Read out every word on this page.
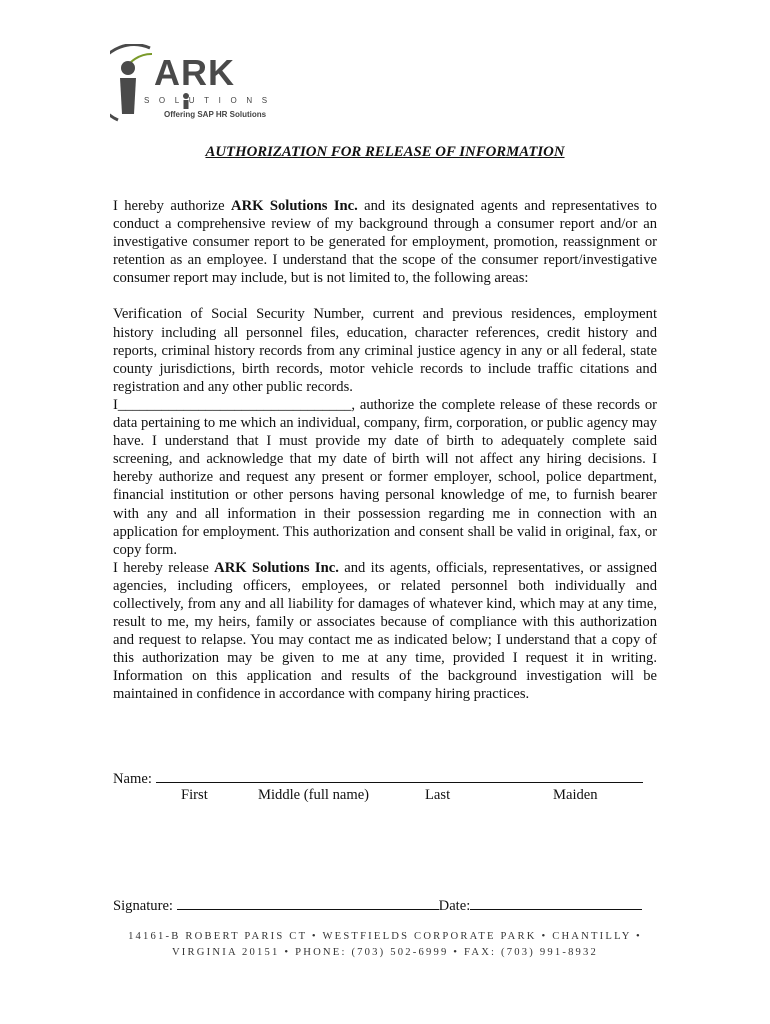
ARK
SOLUTIONS
Offering SAP HR Solutions
AUTHORIZATION FOR RELEASE OF INFORMATION

I hereby authorize ARK Solutions Inc. and its designated agents and representatives to conduct a comprehensive review of my background through a consumer report and/or an investigative consumer report to be generated for employment, promotion, reassignment or retention as an employee. I understand that the scope of the consumer report/investigative consumer report may include, but is not limited to, the following areas:

Verification of Social Security Number, current and previous residences, employment history including all personnel files, education, character references, credit history and reports, criminal history records from any criminal justice agency in any or all federal, state county jurisdictions, birth records, motor vehicle records to include traffic citations and registration and any other public records.

I________________________________, authorize the complete release of these records or data pertaining to me which an individual, company, firm, corporation, or public agency may have. I understand that I must provide my date of birth to adequately complete said screening, and acknowledge that my date of birth will not affect any hiring decisions. I hereby authorize and request any present or former employer, school, police department, financial institution or other persons having personal knowledge of me, to furnish bearer with any and all information in their possession regarding me in connection with an application for employment. This authorization and consent shall be valid in original, fax, or copy form.

I hereby release ARK Solutions Inc. and its agents, officials, representatives, or assigned agencies, including officers, employees, or related personnel both individually and collectively, from any and all liability for damages of whatever kind, which may at any time, result to me, my heirs, family or associates because of compliance with this authorization and request to relapse. You may contact me as indicated below; I understand that a copy of this authorization may be given to me at any time, provided I request it in writing. Information on this application and results of the background investigation will be maintained in confidence in accordance with company hiring practices.

Name:
First	Middle (full name)	Last	Maiden
Signature:	Date:
14161-B ROBERT PARIS CT • WESTFIELDS CORPORATE PARK • CHANTILLY •
VIRGINIA 20151 • PHONE: (703) 502-6999 • FAX: (703) 991-8932
